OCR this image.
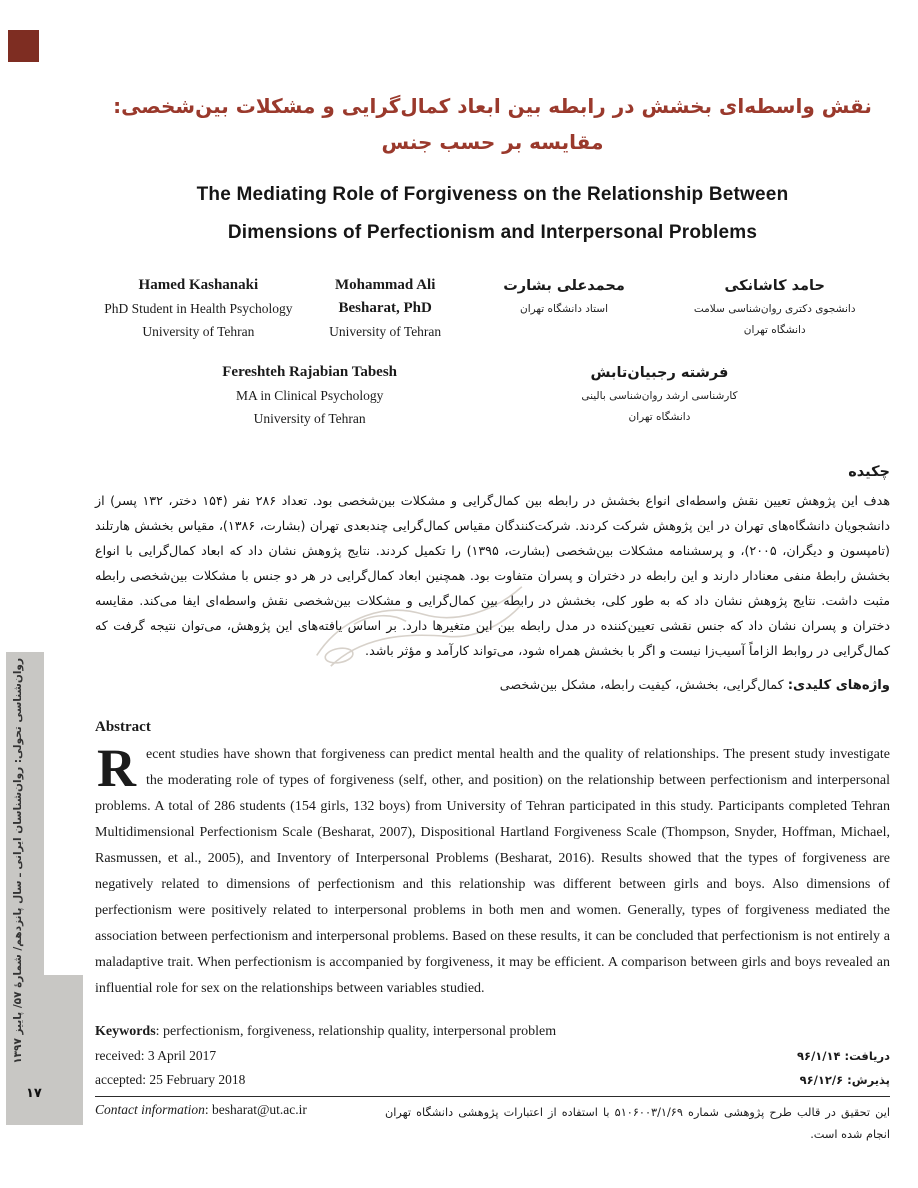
روان‌شناسی تحولی: روان‌شناسان ایرانی ـ سال پانزدهم/ شمارهٔ ۵۷/ پاییز ۱۳۹۷
۱۷
نقش واسطه‌ای بخشش در رابطه بین ابعاد کمال‌گرایی و مشکلات بین‌شخصی:
مقایسه بر حسب جنس
The Mediating Role of Forgiveness on the Relationship Between
Dimensions of Perfectionism and Interpersonal Problems
Hamed Kashanaki
PhD Student in Health Psychology
University of Tehran
Mohammad Ali
Besharat, PhD
University of Tehran
محمدعلی بشارت
استاد دانشگاه تهران
حامد کاشانکی
دانشجوی دکتری روان‌شناسی سلامت
دانشگاه تهران
Fereshteh Rajabian Tabesh
MA in Clinical Psychology
University of Tehran
فرشته رجبیان‌تابش
کارشناسی ارشد روان‌شناسی بالینی
دانشگاه تهران
چکیده

هدف این پژوهش تعیین نقش واسطه‌ای انواع بخشش در رابطه بین کمال‌گرایی و مشکلات بین‌شخصی بود. تعداد ۲۸۶ نفر (۱۵۴ دختر، ۱۳۲ پسر) از دانشجویان دانشگاه‌های تهران در این پژوهش شرکت کردند. شرکت‌کنندگان مقیاس کمال‌گرایی چندبعدی تهران (بشارت، ۱۳۸۶)، مقیاس بخشش هارتلند (تامپسون و دیگران، ۲۰۰۵)، و پرسشنامه مشکلات بین‌شخصی (بشارت، ۱۳۹۵) را تکمیل کردند. نتایج پژوهش نشان داد که ابعاد کمال‌گرایی با انواع بخشش رابطهٔ منفی معنادار دارند و این رابطه در دختران و پسران متفاوت بود. همچنین ابعاد کمال‌گرایی در هر دو جنس با مشکلات بین‌شخصی رابطه مثبت داشت. نتایج پژوهش نشان داد که به طور کلی، بخشش در رابطه بین کمال‌گرایی و مشکلات بین‌شخصی نقش واسطه‌ای ایفا می‌کند. مقایسه دختران و پسران نشان داد که جنس نقشی تعیین‌کننده در مدل رابطه بین این متغیرها دارد. بر اساس یافته‌های این پژوهش، می‌توان نتیجه گرفت که کمال‌گرایی در روابط الزاماً آسیب‌زا نیست و اگر با بخشش همراه شود، می‌تواند کارآمد و مؤثر باشد.

واژه‌های کلیدی: کمال‌گرایی، بخشش، کیفیت رابطه، مشکل بین‌شخصی
Abstract

Recent studies have shown that forgiveness can predict mental health and the quality of relationships. The present study investigate the moderating role of types of forgiveness (self, other, and position) on the relationship between perfectionism and interpersonal problems. A total of 286 students (154 girls, 132 boys) from University of Tehran participated in this study. Participants completed Tehran Multidimensional Perfectionism Scale (Besharat, 2007), Dispositional Hartland Forgiveness Scale (Thompson, Snyder, Hoffman, Michael, Rasmussen, et al., 2005), and Inventory of Interpersonal Problems (Besharat, 2016). Results showed that the types of forgiveness are negatively related to dimensions of perfectionism and this relationship was different between girls and boys. Also dimensions of perfectionism were positively related to interpersonal problems in both men and women. Generally, types of forgiveness mediated the association between perfectionism and interpersonal problems. Based on these results, it can be concluded that perfectionism is not entirely a maladaptive trait. When perfectionism is accompanied by forgiveness, it may be efficient. A comparison between girls and boys revealed an influential role for sex on the relationships between variables studied.

Keywords: perfectionism, forgiveness, relationship quality, interpersonal problem
received: 3 April 2017	دریافت: ۹۶/۱/۱۴
accepted: 25 February 2018	پذیرش: ۹۶/۱۲/۶
Contact information: besharat@ut.ac.ir	این تحقیق در قالب طرح پژوهشی شماره ۵۱۰۶۰۰۳/۱/۶۹ با استفاده از اعتبارات پژوهشی دانشگاه تهران انجام شده است.
